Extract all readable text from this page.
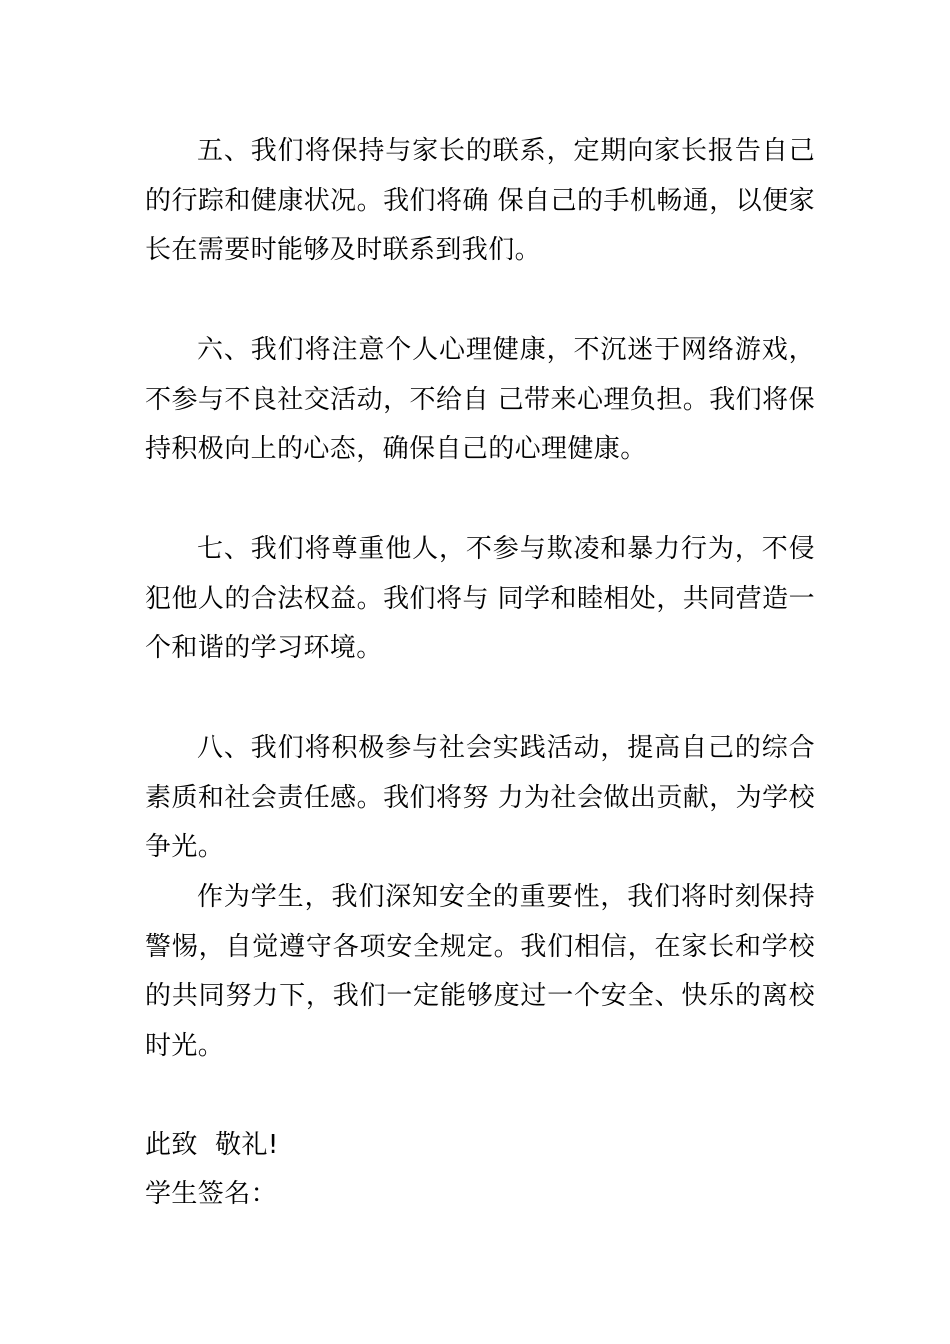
五、我们将保持与家长的联系，定期向家长报告自己的行踪和健康状况。我们将确 保自己的手机畅通，以便家长在需要时能够及时联系到我们。

六、我们将注意个人心理健康，不沉迷于网络游戏，不参与不良社交活动，不给自 己带来心理负担。我们将保持积极向上的心态，确保自己的心理健康。

七、我们将尊重他人，不参与欺凌和暴力行为，不侵犯他人的合法权益。我们将与 同学和睦相处，共同营造一个和谐的学习环境。

八、我们将积极参与社会实践活动，提高自己的综合素质和社会责任感。我们将努 力为社会做出贡献，为学校争光。

作为学生，我们深知安全的重要性，我们将时刻保持警惕，自觉遵守各项安全规定。我们相信，在家长和学校的共同努力下，我们一定能够度过一个安全、快乐的离校时光。

此致  敬礼!

学生签名：
